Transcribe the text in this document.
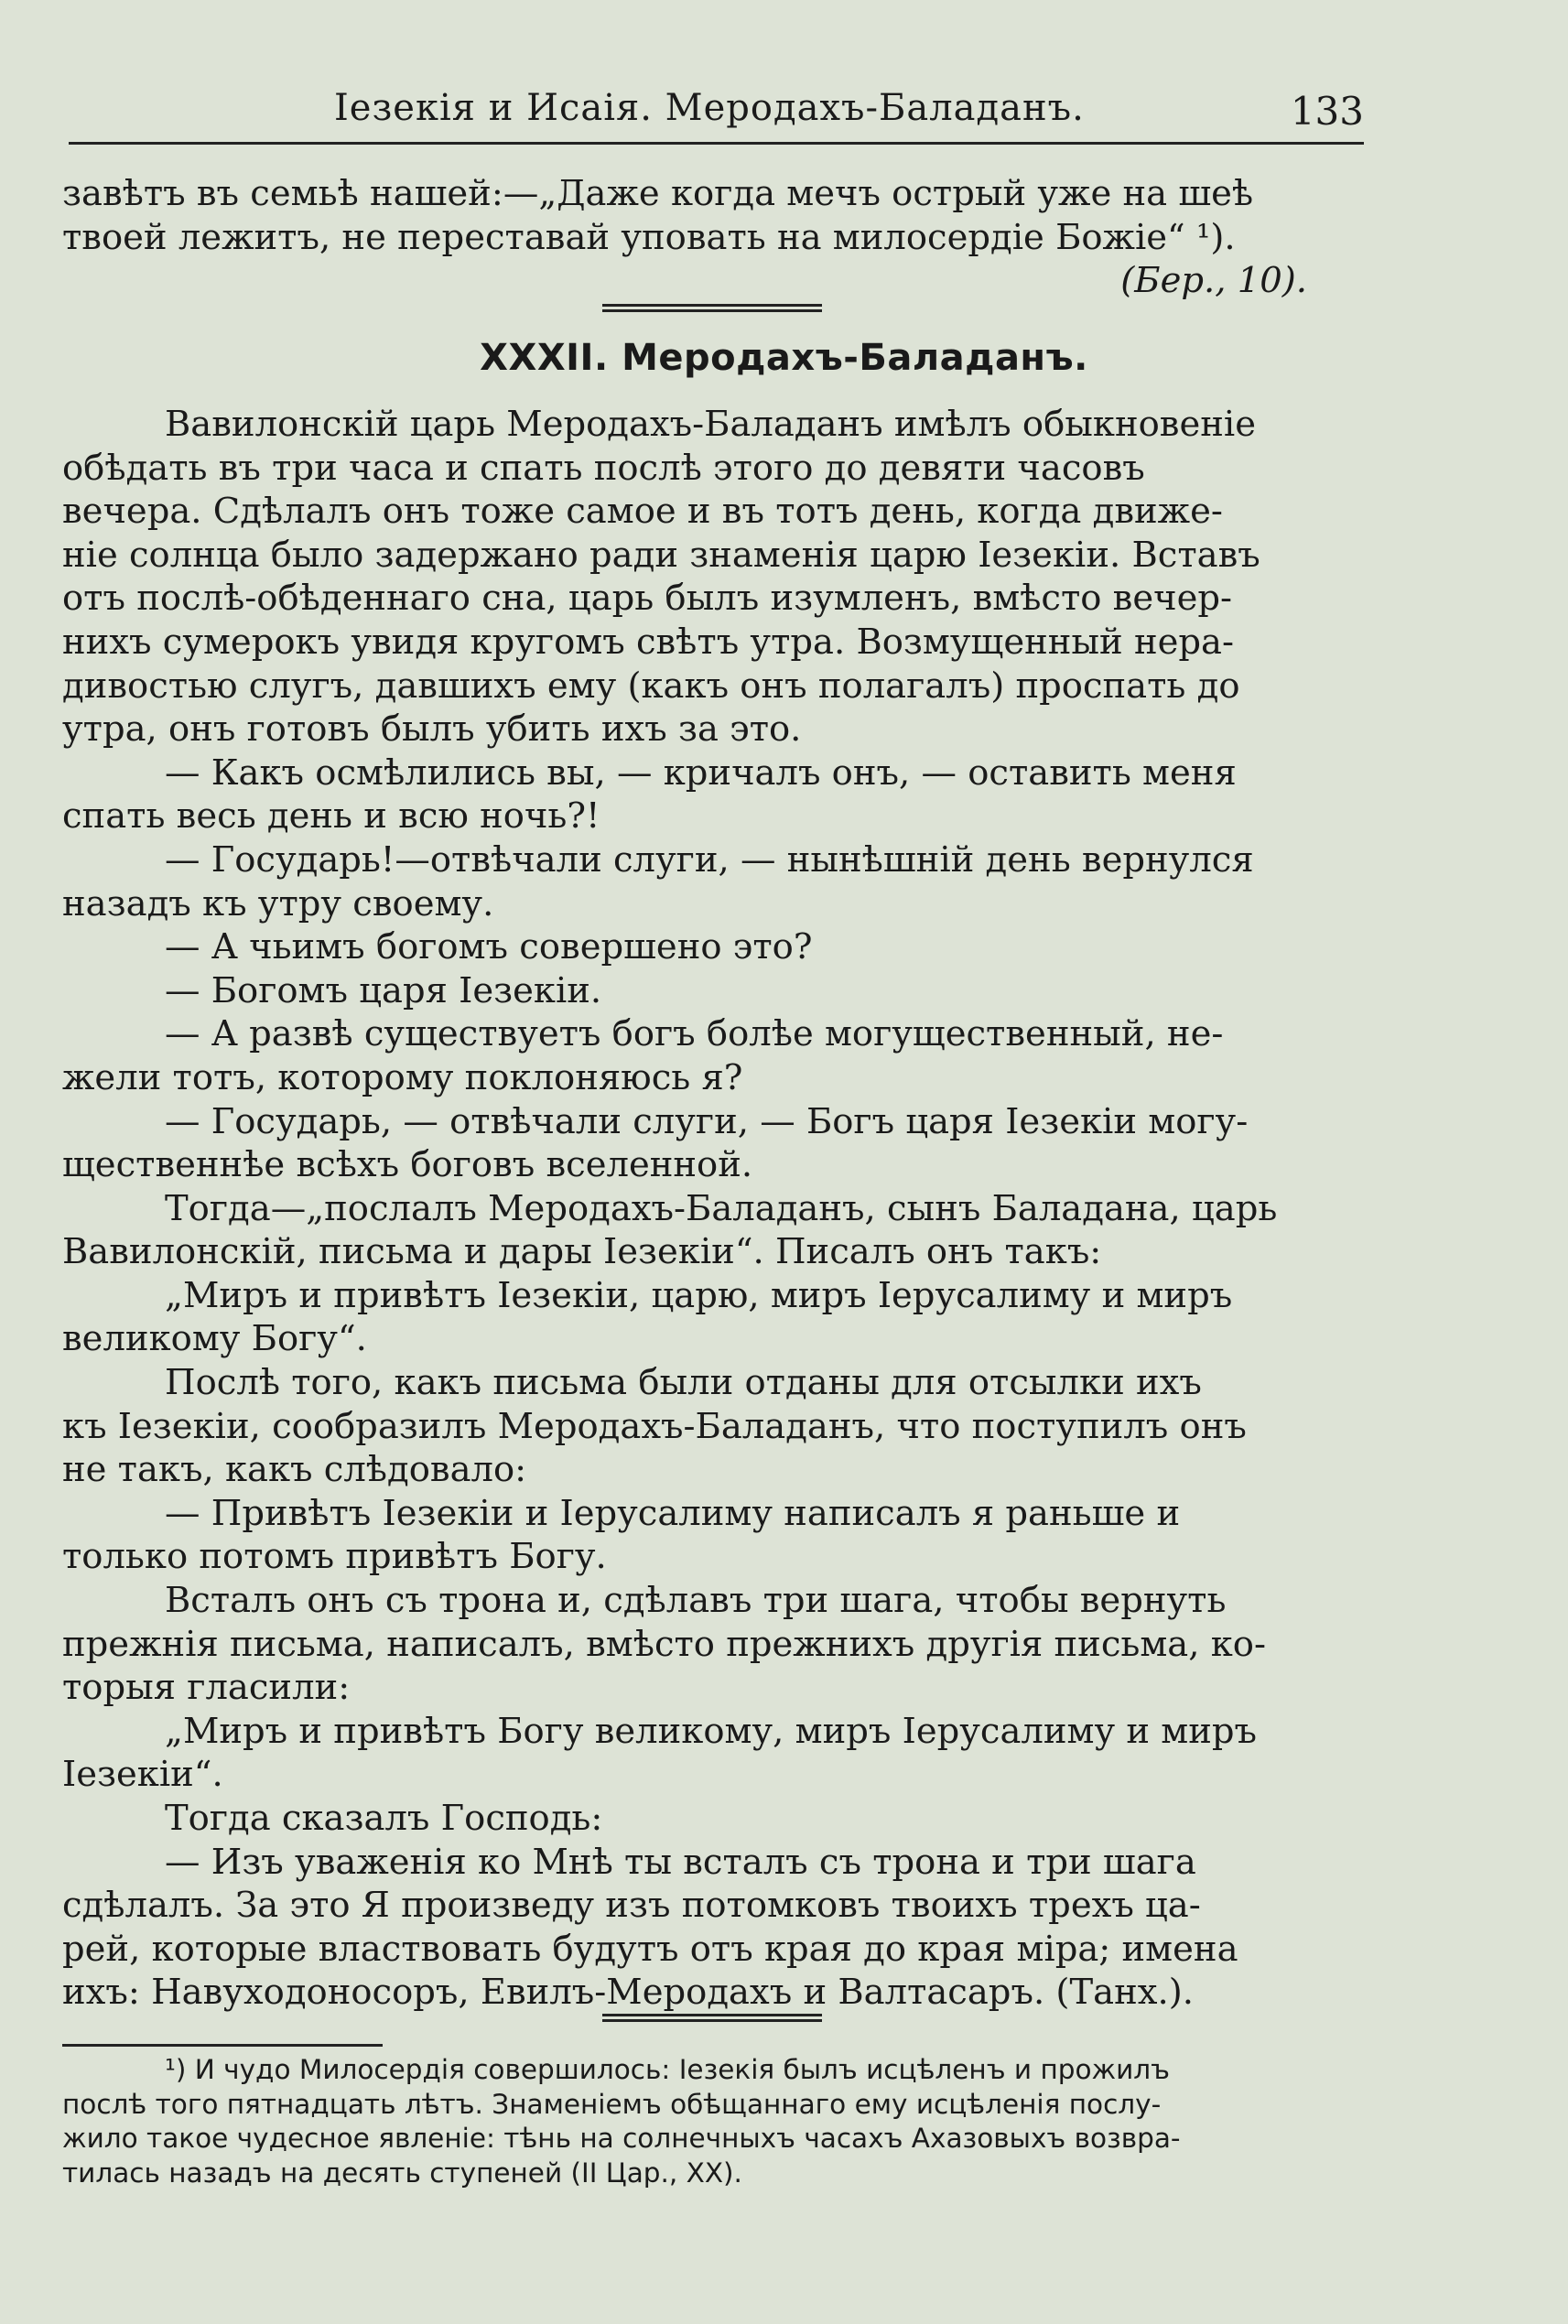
Іезекія и Исаія. Меродахъ-Баладанъ.	133
завѣтъ въ семьѣ нашей:—„Даже когда мечъ острый уже на шеѣ
твоей лежитъ, не переставай уповать на милосердіе Божіе“ ¹).
(Бер., 10).
XXXII. Меродахъ-Баладанъ.
Вавилонскій царь Меродахъ-Баладанъ имѣлъ обыкновеніе
обѣдать въ три часа и спать послѣ этого до девяти часовъ
вечера. Сдѣлалъ онъ тоже самое и въ тотъ день, когда движе-
ніе солнца было задержано ради знаменія царю Іезекіи. Вставъ
отъ послѣ-обѣденнаго сна, царь былъ изумленъ, вмѣсто вечер-
нихъ сумерокъ увидя кругомъ свѣтъ утра. Возмущенный нера-
дивостью слугъ, давшихъ ему (какъ онъ полагалъ) проспать до
утра, онъ готовъ былъ убить ихъ за это.
— Какъ осмѣлились вы, — кричалъ онъ, — оставить меня
спать весь день и всю ночь?!
— Государь!—отвѣчали слуги, — нынѣшній день вернулся
назадъ къ утру своему.
— А чьимъ богомъ совершено это?
— Богомъ царя Іезекіи.
— А развѣ существуетъ богъ болѣе могущественный, не-
жели тотъ, которому поклоняюсь я?
— Государь, — отвѣчали слуги, — Богъ царя Іезекіи могу-
щественнѣе всѣхъ боговъ вселенной.
Тогда—„послалъ Меродахъ-Баладанъ, сынъ Баладана, царь
Вавилонскій, письма и дары Іезекіи“. Писалъ онъ такъ:
„Миръ и привѣтъ Іезекіи, царю, миръ Іерусалиму и миръ
великому Богу“.
Послѣ того, какъ письма были отданы для отсылки ихъ
къ Іезекіи, сообразилъ Меродахъ-Баладанъ, что поступилъ онъ
не такъ, какъ слѣдовало:
— Привѣтъ Іезекіи и Іерусалиму написалъ я раньше и
только потомъ привѣтъ Богу.
Всталъ онъ съ трона и, сдѣлавъ три шага, чтобы вернуть
прежнія письма, написалъ, вмѣсто прежнихъ другія письма, ко-
торыя гласили:
„Миръ и привѣтъ Богу великому, миръ Іерусалиму и миръ
Іезекіи“.
Тогда сказалъ Господь:
— Изъ уваженія ко Мнѣ ты всталъ съ трона и три шага
сдѣлалъ. За это Я произведу изъ потомковъ твоихъ трехъ ца-
рей, которые властвовать будутъ отъ края до края міра; имена
ихъ: Навуходоносоръ, Евилъ-Меродахъ и Валтасаръ. (Танх.).
¹) И чудо Милосердія совершилось: Іезекія былъ исцѣленъ и прожилъ
послѣ того пятнадцать лѣтъ. Знаменіемъ обѣщаннаго ему исцѣленія послу-
жило такое чудесное явленіе: тѣнь на солнечныхъ часахъ Ахазовыхъ возвра-
тилась назадъ на десять ступеней (II Цар., XX).
